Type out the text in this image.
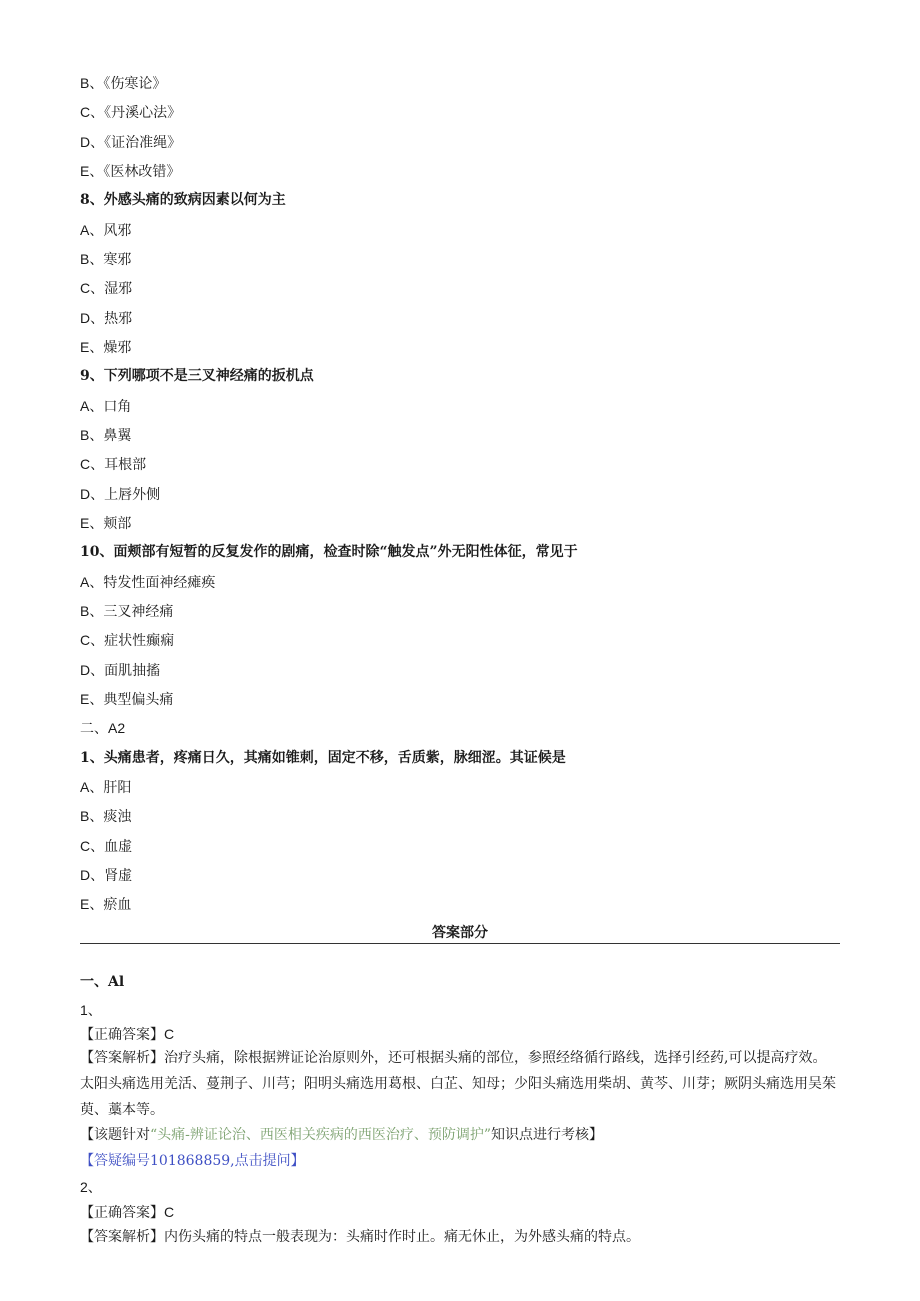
B、《伤寒论》
C、《丹溪心法》
D、《证治准绳》
E、《医林改错》
8、外感头痛的致病因素以何为主
A、风邪
B、寒邪
C、湿邪
D、热邪
E、燥邪
9、下列哪项不是三叉神经痛的扳机点
A、口角
B、鼻翼
C、耳根部
D、上唇外侧
E、颊部
10、面颊部有短暂的反复发作的剧痛，检查时除“触发点”外无阳性体征，常见于
A、特发性面神经瘫痪
B、三叉神经痛
C、症状性癫痫
D、面肌抽搐
E、典型偏头痛
二、A2
1、头痛患者，疼痛日久，其痛如锥刺，固定不移，舌质紫，脉细涩。其证候是
A、肝阳
B、痰浊
C、血虚
D、肾虚
E、瘀血
答案部分
一、Al
1、
【正确答案】C
【答案解析】治疗头痛，除根据辨证论治原则外，还可根据头痛的部位，参照经络循行路线，选择引经药,可以提高疗效。太阳头痛选用羌活、蔓荆子、川芎；阳明头痛选用葛根、白芷、知母；少阳头痛选用柴胡、黄芩、川芽；厥阴头痛选用吴茱萸、藁本等。
【该题针对“头痛-辨证论治、西医相关疾病的西医治疗、预防调护”知识点进行考核】
【答疑编号101868859,点击提问】
2、
【正确答案】C
【答案解析】内伤头痛的特点一般表现为：头痛时作时止。痛无休止，为外感头痛的特点。
